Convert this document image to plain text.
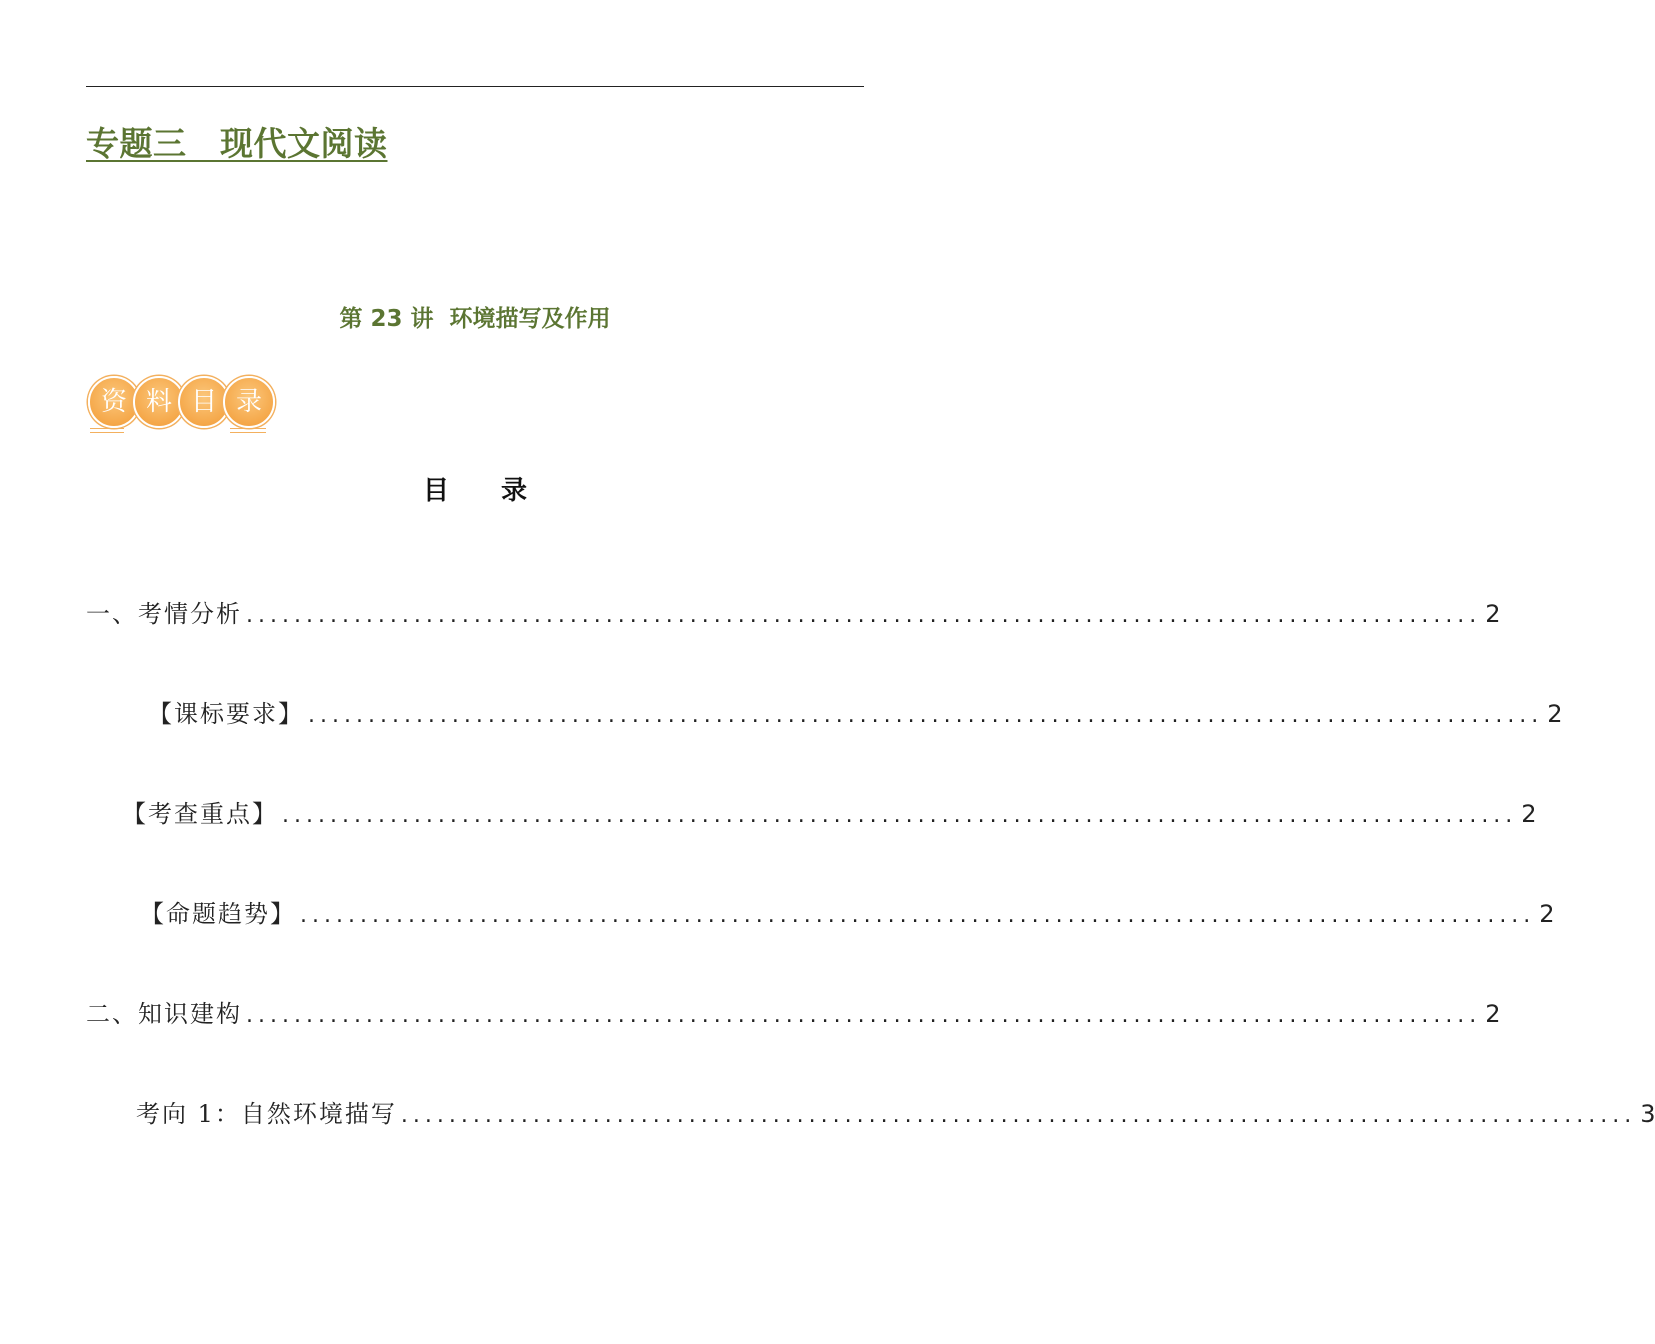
专题三　现代文阅读
第 23 讲  环境描写及作用
资 料 目 录
目　　录
一、考情分析 ....................................................................................................... 2
【课标要求】 ....................................................................................................... 2
【考查重点】 ....................................................................................................... 2
【命题趋势】 ....................................................................................................... 2
二、知识建构 ....................................................................................................... 2
考向 1：自然环境描写 ....................................................................................................... 3
